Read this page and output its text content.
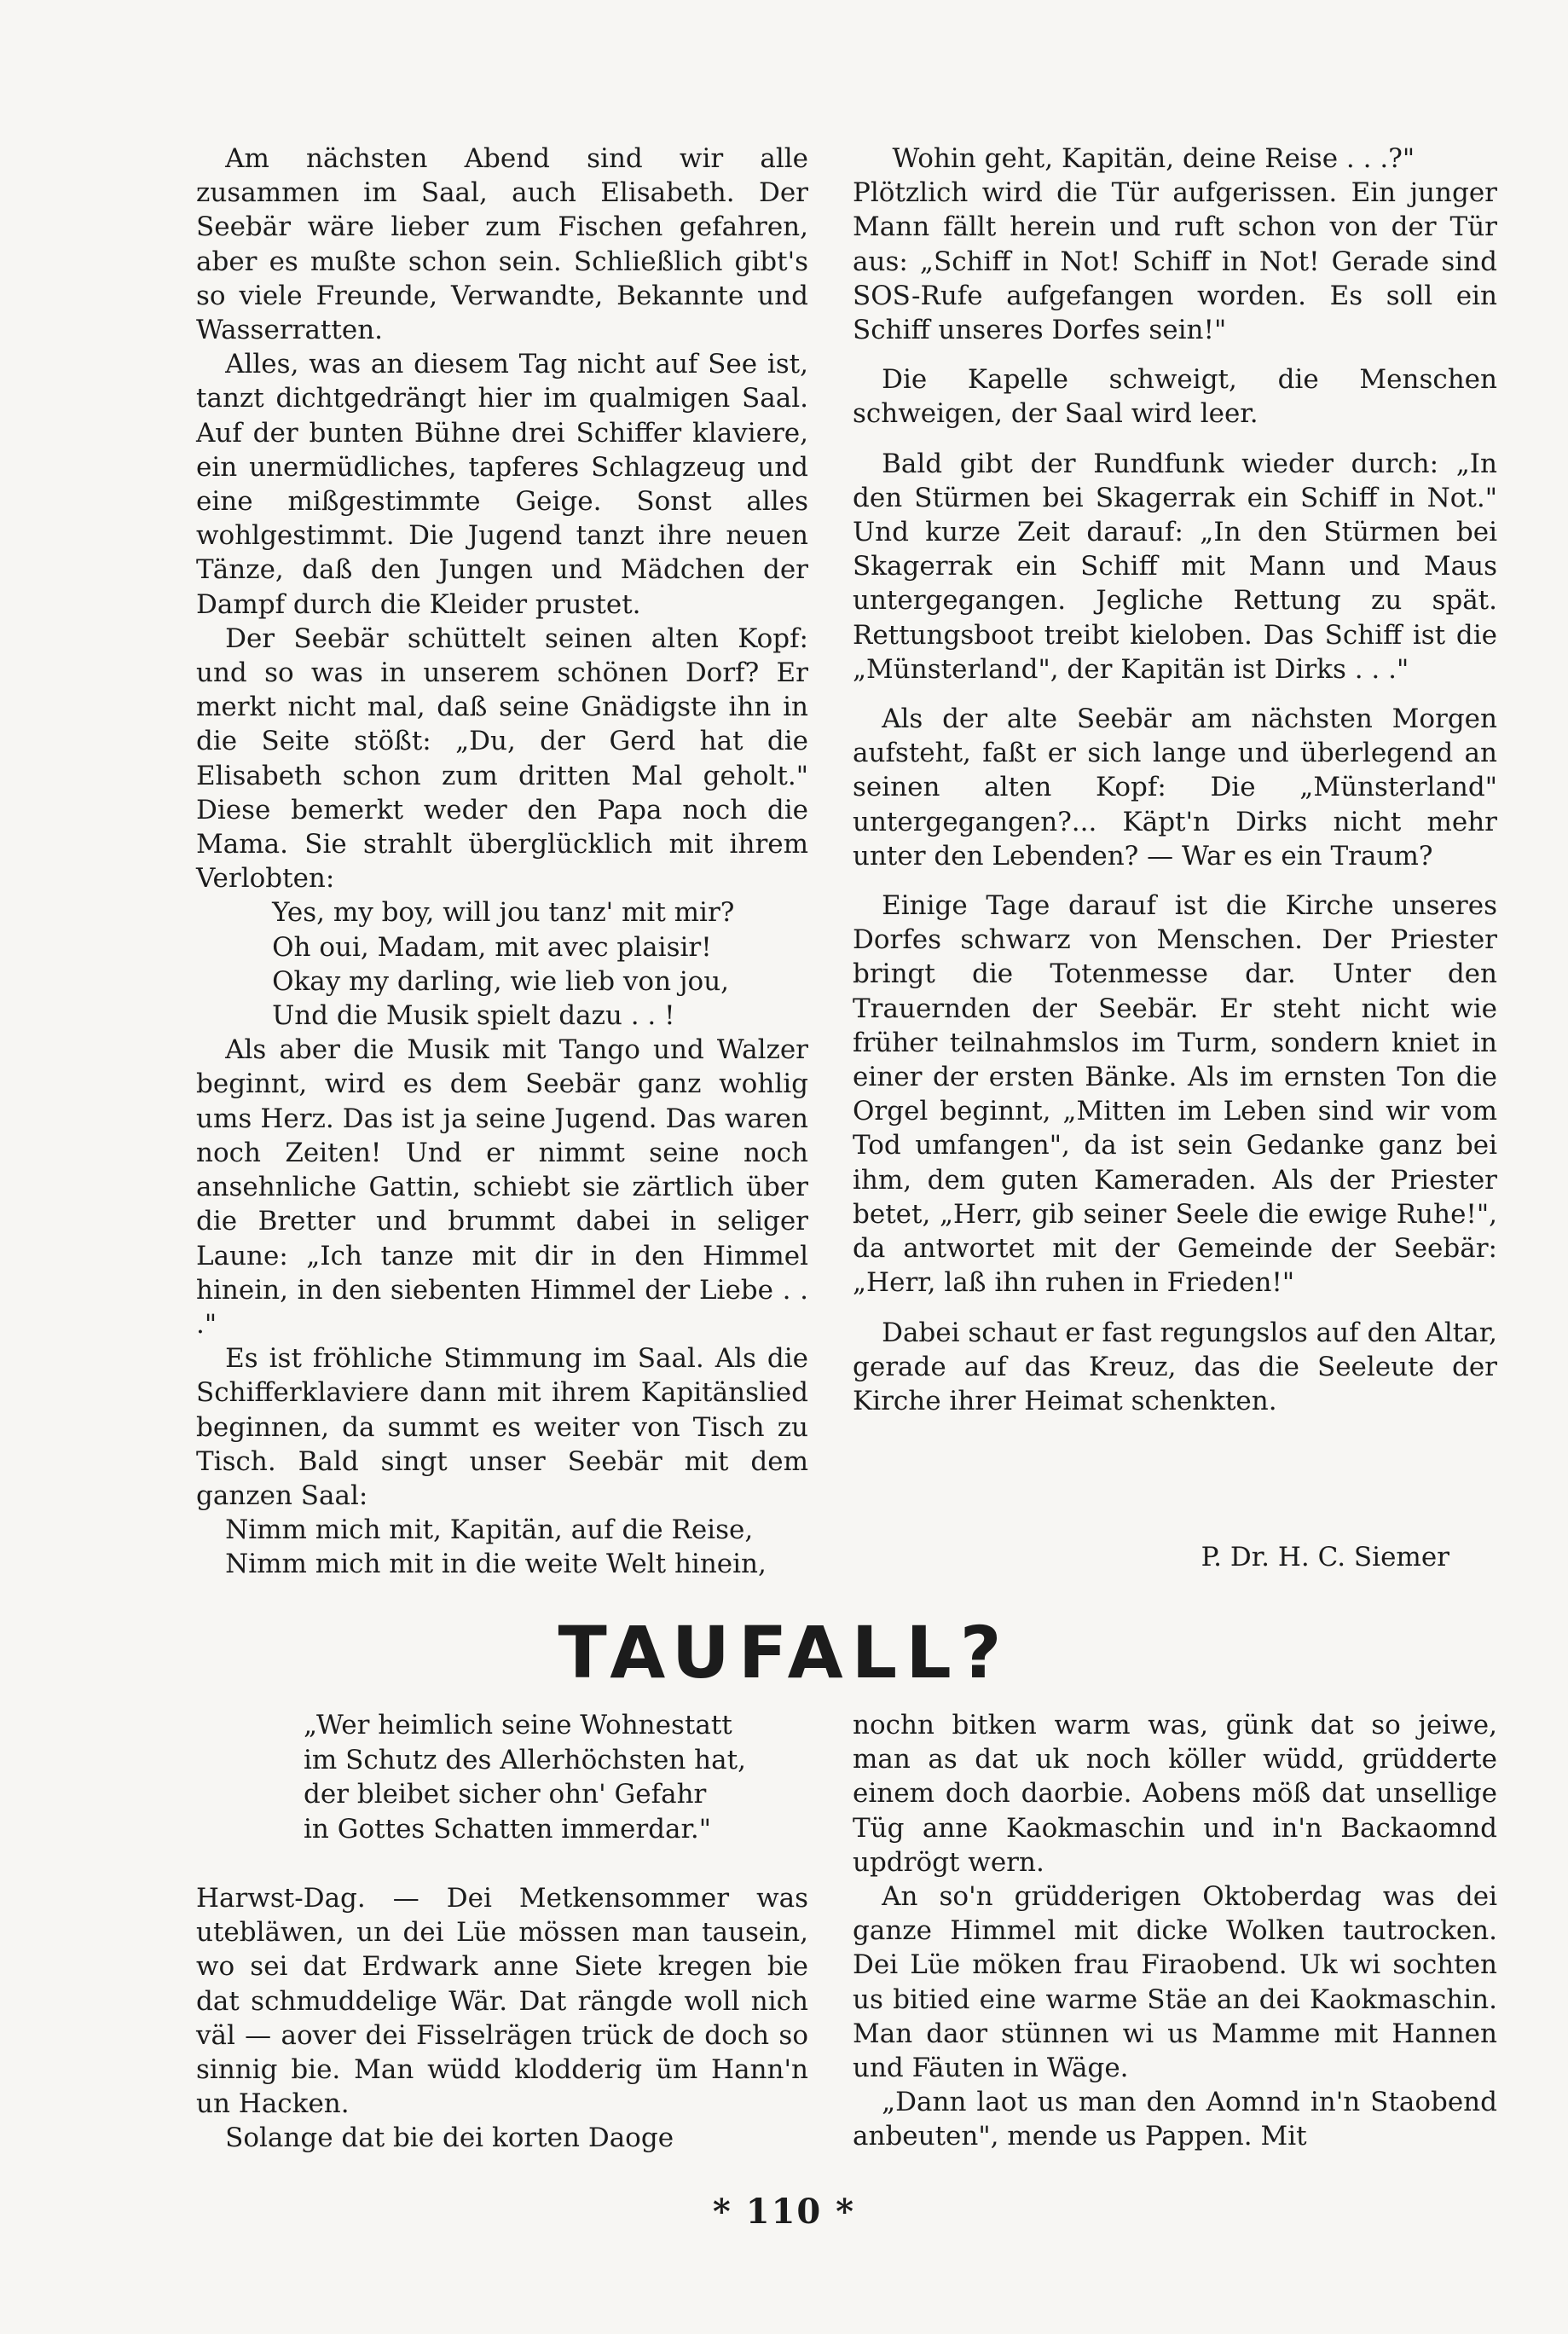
Am nächsten Abend sind wir alle zusammen im Saal, auch Elisabeth. Der Seebär wäre lieber zum Fischen gefahren, aber es mußte schon sein. Schließlich gibt's so viele Freunde, Verwandte, Bekannte und Wasserratten.

Alles, was an diesem Tag nicht auf See ist, tanzt dichtgedrängt hier im qualmigen Saal. Auf der bunten Bühne drei Schiffer klaviere, ein unermüdliches, tapferes Schlagzeug und eine mißgestimmte Geige. Sonst alles wohlgestimmt. Die Jugend tanzt ihre neuen Tänze, daß den Jungen und Mädchen der Dampf durch die Kleider prustet.

Der Seebär schüttelt seinen alten Kopf: und so was in unserem schönen Dorf? Er merkt nicht mal, daß seine Gnädigste ihn in die Seite stößt: „Du, der Gerd hat die Elisabeth schon zum dritten Mal geholt." Diese bemerkt weder den Papa noch die Mama. Sie strahlt überglücklich mit ihrem Verlobten:

Yes, my boy, will jou tanz' mit mir?
Oh oui, Madam, mit avec plaisir!
Okay my darling, wie lieb von jou,
Und die Musik spielt dazu . . !

Als aber die Musik mit Tango und Walzer beginnt, wird es dem Seebär ganz wohlig ums Herz. Das ist ja seine Jugend. Das waren noch Zeiten! Und er nimmt seine noch ansehnliche Gattin, schiebt sie zärtlich über die Bretter und brummt dabei in seliger Laune: „Ich tanze mit dir in den Himmel hinein, in den siebenten Himmel der Liebe . . ."

Es ist fröhliche Stimmung im Saal. Als die Schifferklaviere dann mit ihrem Kapitänslied beginnen, da summt es weiter von Tisch zu Tisch. Bald singt unser Seebär mit dem ganzen Saal:

Nimm mich mit, Kapitän, auf die Reise,
Nimm mich mit in die weite Welt hinein,
Wohin geht, Kapitän, deine Reise . . .?"

Plötzlich wird die Tür aufgerissen. Ein junger Mann fällt herein und ruft schon von der Tür aus: „Schiff in Not! Schiff in Not! Gerade sind SOS-Rufe aufgefangen worden. Es soll ein Schiff unseres Dorfes sein!"

Die Kapelle schweigt, die Menschen schweigen, der Saal wird leer.

Bald gibt der Rundfunk wieder durch: „In den Stürmen bei Skagerrak ein Schiff in Not." Und kurze Zeit darauf: „In den Stürmen bei Skagerrak ein Schiff mit Mann und Maus untergegangen. Jegliche Rettung zu spät. Rettungsboot treibt kieloben. Das Schiff ist die „Münsterland", der Kapitän ist Dirks . . ."

Als der alte Seebär am nächsten Morgen aufsteht, faßt er sich lange und überlegend an seinen alten Kopf: Die „Münsterland" untergegangen?... Käpt'n Dirks nicht mehr unter den Lebenden? — War es ein Traum?

Einige Tage darauf ist die Kirche unseres Dorfes schwarz von Menschen. Der Priester bringt die Totenmesse dar. Unter den Trauernden der Seebär. Er steht nicht wie früher teilnahmslos im Turm, sondern kniet in einer der ersten Bänke. Als im ernsten Ton die Orgel beginnt, „Mitten im Leben sind wir vom Tod umfangen", da ist sein Gedanke ganz bei ihm, dem guten Kameraden. Als der Priester betet, „Herr, gib seiner Seele die ewige Ruhe!", da antwortet mit der Gemeinde der Seebär: „Herr, laß ihn ruhen in Frieden!"

Dabei schaut er fast regungslos auf den Altar, gerade auf das Kreuz, das die Seeleute der Kirche ihrer Heimat schenkten.

P. Dr. H. C. Siemer
TAUFALL?
„Wer heimlich seine Wohnestatt
im Schutz des Allerhöchsten hat,
der bleibet sicher ohn' Gefahr
in Gottes Schatten immerdar."

Harwst-Dag. — Dei Metkensommer was utebläwen, un dei Lüe mössen man tausein, wo sei dat Erdwark anne Siete kregen bie dat schmuddelige Wär. Dat rängde woll nich väl — aover dei Fisselrägen trück de doch so sinnig bie. Man wüdd klodderig üm Hann'n un Hacken.

Solange dat bie dei korten Daoge

nochn bitken warm was, günk dat so jeiwe, man as dat uk noch köller wüdd, grüdderte einem doch daorbie. Aobens möß dat unsellige Tüg anne Kaokmaschin und in'n Backaomnd updrögt wern.

An so'n grüdderigen Oktoberdag was dei ganze Himmel mit dicke Wolken tautrocken. Dei Lüe möken frau Firaobend. Uk wi sochten us bitied eine warme Stäe an dei Kaokmaschin. Man daor stünnen wi us Mamme mit Hannen und Fäuten in Wäge.

„Dann laot us man den Aomnd in'n Staobend anbeuten", mende us Pappen. Mit

* 110 *
